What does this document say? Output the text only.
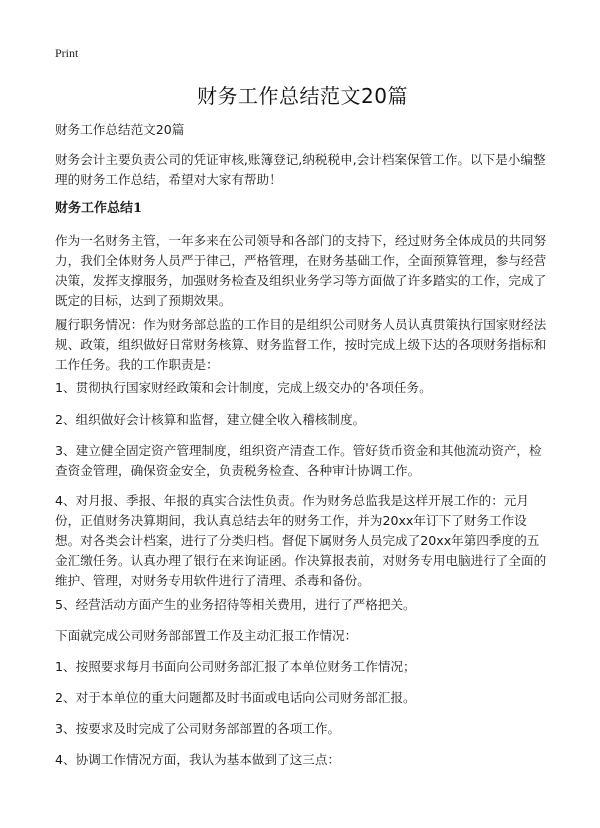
Print
财务工作总结范文20篇

财务工作总结范文20篇

财务会计主要负责公司的凭证审核,账簿登记,纳税税申,会计档案保管工作。以下是小编整理的财务工作总结，希望对大家有帮助！

财务工作总结1

作为一名财务主管，一年多来在公司领导和各部门的支持下，经过财务全体成员的共同努力，我们全体财务人员严于律己，严格管理，在财务基础工作，全面预算管理，参与经营决策，发挥支撑服务，加强财务检查及组织业务学习等方面做了许多踏实的工作，完成了既定的目标，达到了预期效果。

履行职务情况：作为财务部总监的工作目的是组织公司财务人员认真贯策执行国家财经法规、政策，组织做好日常财务核算、财务监督工作，按时完成上级下达的各项财务指标和工作任务。我的工作职责是：

1、贯彻执行国家财经政策和会计制度，完成上级交办的'各项任务。

2、组织做好会计核算和监督，建立健全收入稽核制度。

3、建立健全固定资产管理制度，组织资产清查工作。管好货币资金和其他流动资产，检查资金管理，确保资金安全，负责税务检查、各种审计协调工作。

4、对月报、季报、年报的真实合法性负责。作为财务总监我是这样开展工作的：元月份，正值财务决算期间，我认真总结去年的财务工作，并为20xx年订下了财务工作设想。对各类会计档案，进行了分类归档。督促下属财务人员完成了20xx年第四季度的五金汇缴任务。认真办理了银行在来询证函。作决算报表前，对财务专用电脑进行了全面的维护、管理，对财务专用软件进行了清理、杀毒和备份。

5、经营活动方面产生的业务招待等相关费用，进行了严格把关。

下面就完成公司财务部部置工作及主动汇报工作情况：

1、按照要求每月书面向公司财务部汇报了本单位财务工作情况；

2、对于本单位的重大问题都及时书面或电话向公司财务部汇报。

3、按要求及时完成了公司财务部部置的各项工作。

4、协调工作情况方面，我认为基本做到了这三点：
